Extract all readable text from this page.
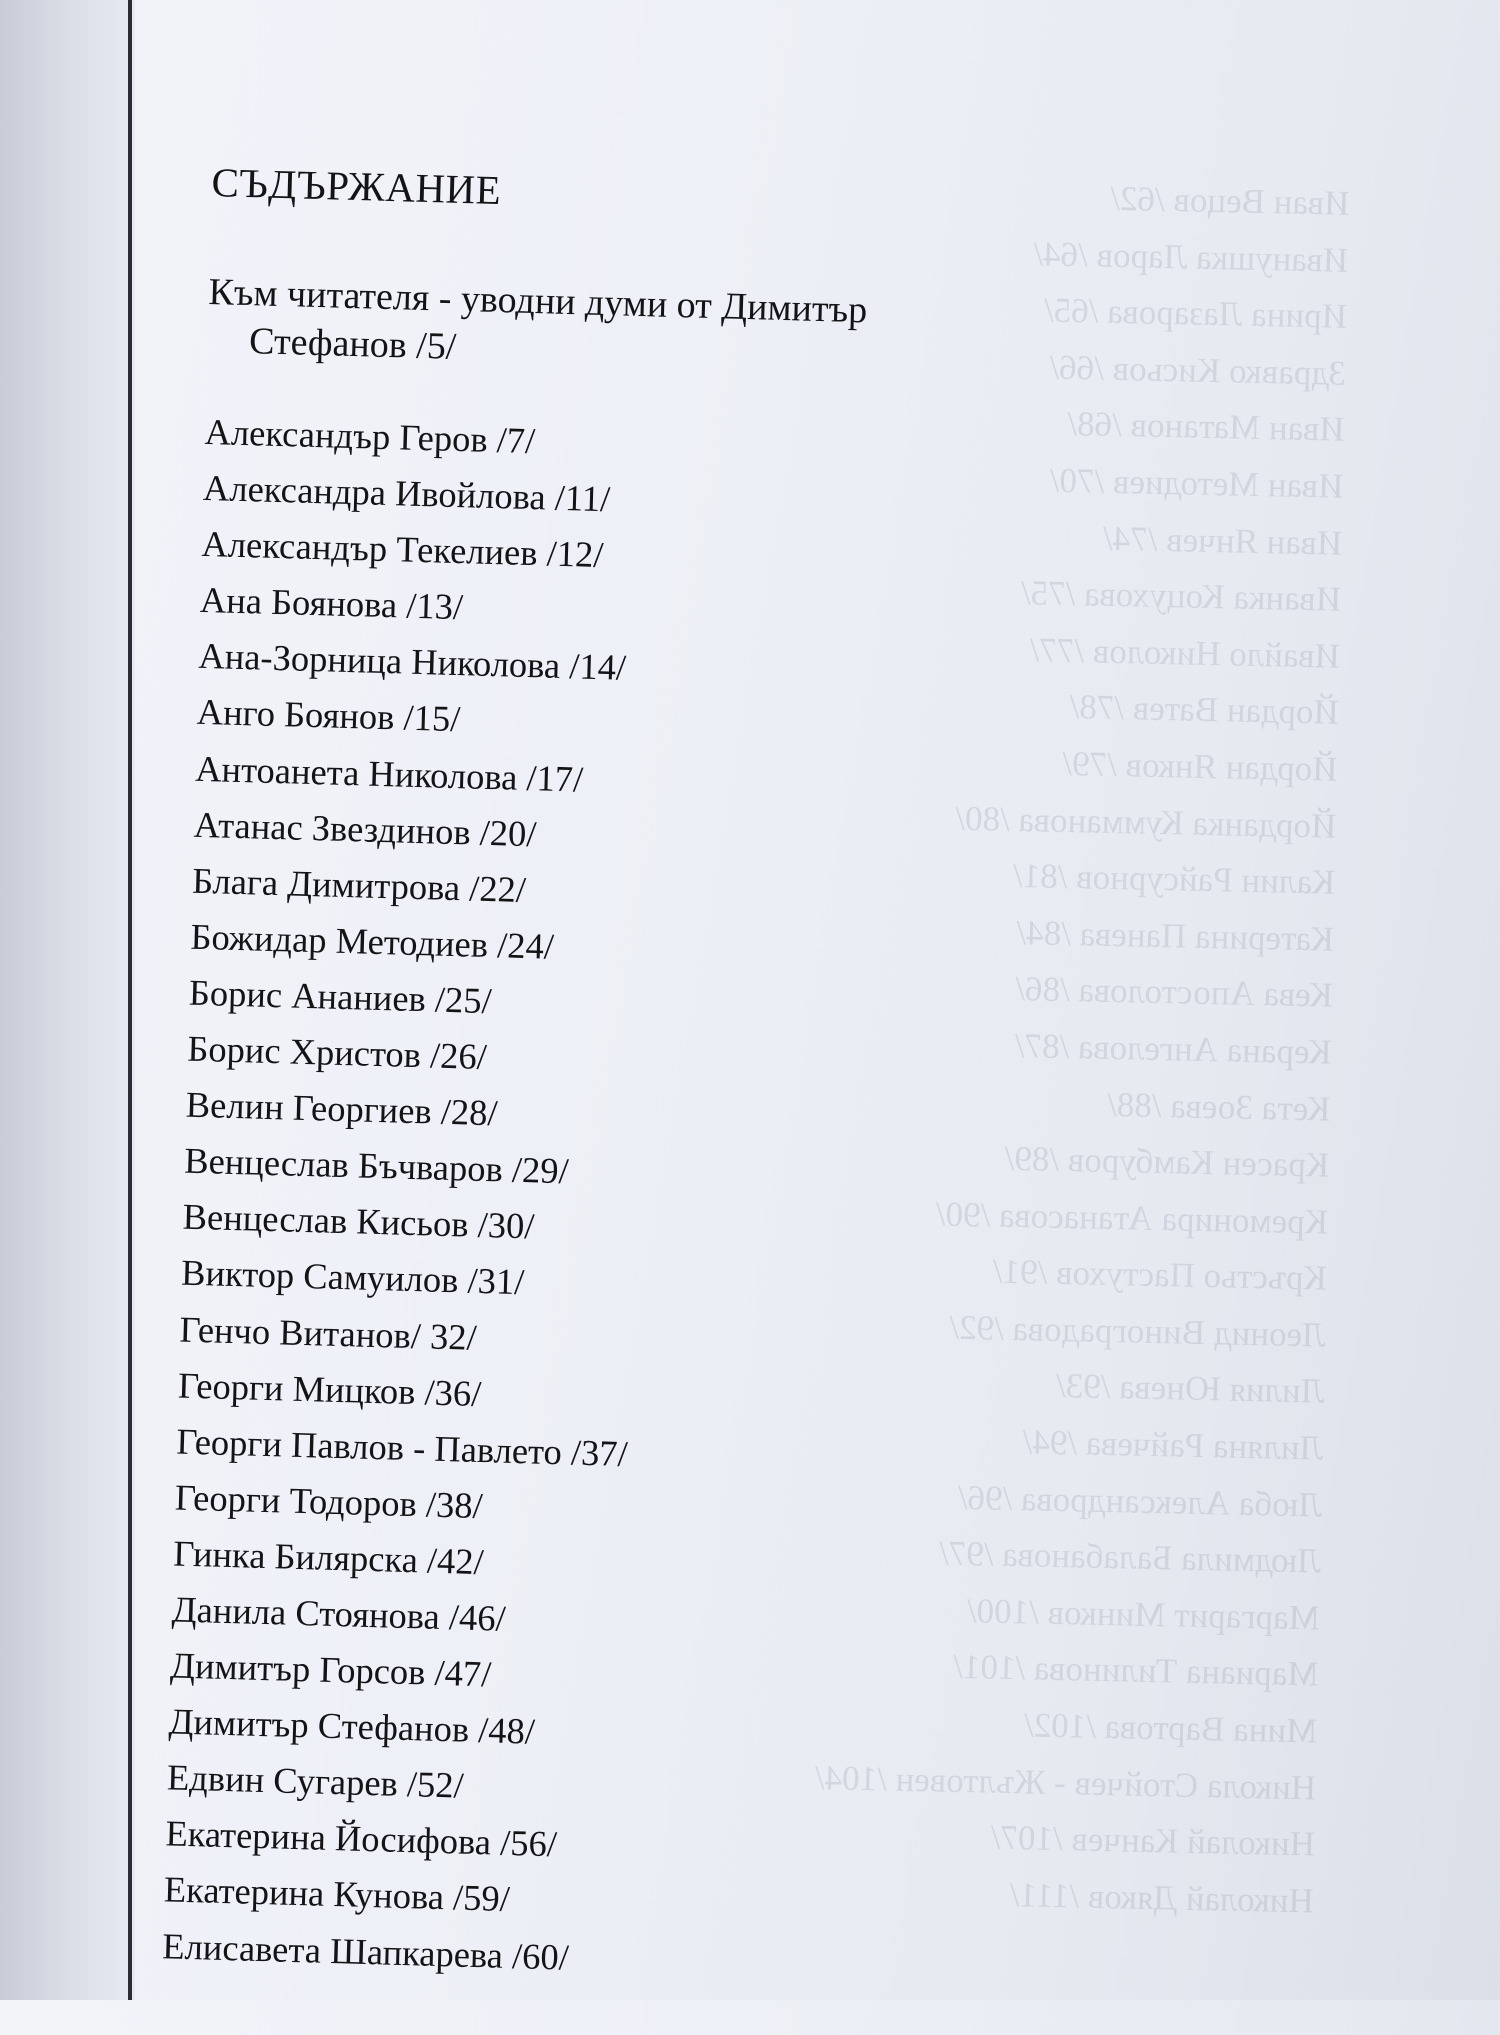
Иван Вецов /62/
Иванушка Ларов /64/
Ирина Лазарова /65/
Здравко Кисьов /66/
Иван Матанов /68/
Иван Методиев /70/
Иван Янчев /74/
Иванка Коцухова /75/
Ивайло Николов /77/
Йордан Ватев /78/
Йордан Янков /79/
Йорданка Кумманова /80/
Калин Райсурнов /81/
Катерина Панева /84/
Кева Апостолова /86/
Керана Ангелова /87/
Кета Зоева /88/
Красен Камбуров /89/
Кремонира Атанасова /90/
Кръстьо Пастухов /91/
Леонид Виноградова /92/
Лилия Юнева /93/
Лиляна Райчева /94/
Люба Александрова /96/
Людмила Балабанова /97/
Маргарит Минков /100/
Мариана Тилинова /101/
Мина Вартова /102/
Никола Стойчев - Жълтовен /104/
Николай Канчев /107/
Николай Дяков /111/
СЪДЪРЖАНИЕ
Към читателя - уводни думи от Димитър
Стефанов /5/
Александър Геров /7/
Александра Ивойлова /11/
Александър Текелиев /12/
Ана Боянова /13/
Ана-Зорница Николова /14/
Анго Боянов /15/
Антоанета Николова /17/
Атанас Звездинов /20/
Блага Димитрова /22/
Божидар Методиев /24/
Борис Ананиев /25/
Борис Христов /26/
Велин Георгиев /28/
Венцеслав Бъчваров /29/
Венцеслав Кисьов /30/
Виктор Самуилов /31/
Генчо Витанов/ 32/
Георги Мицков /36/
Георги Павлов - Павлето /37/
Георги Тодоров /38/
Гинка Билярска /42/
Данила Стоянова /46/
Димитър Горсов /47/
Димитър Стефанов /48/
Едвин Сугарев /52/
Екатерина Йосифова /56/
Екатерина Кунова /59/
Елисавета Шапкарева /60/
